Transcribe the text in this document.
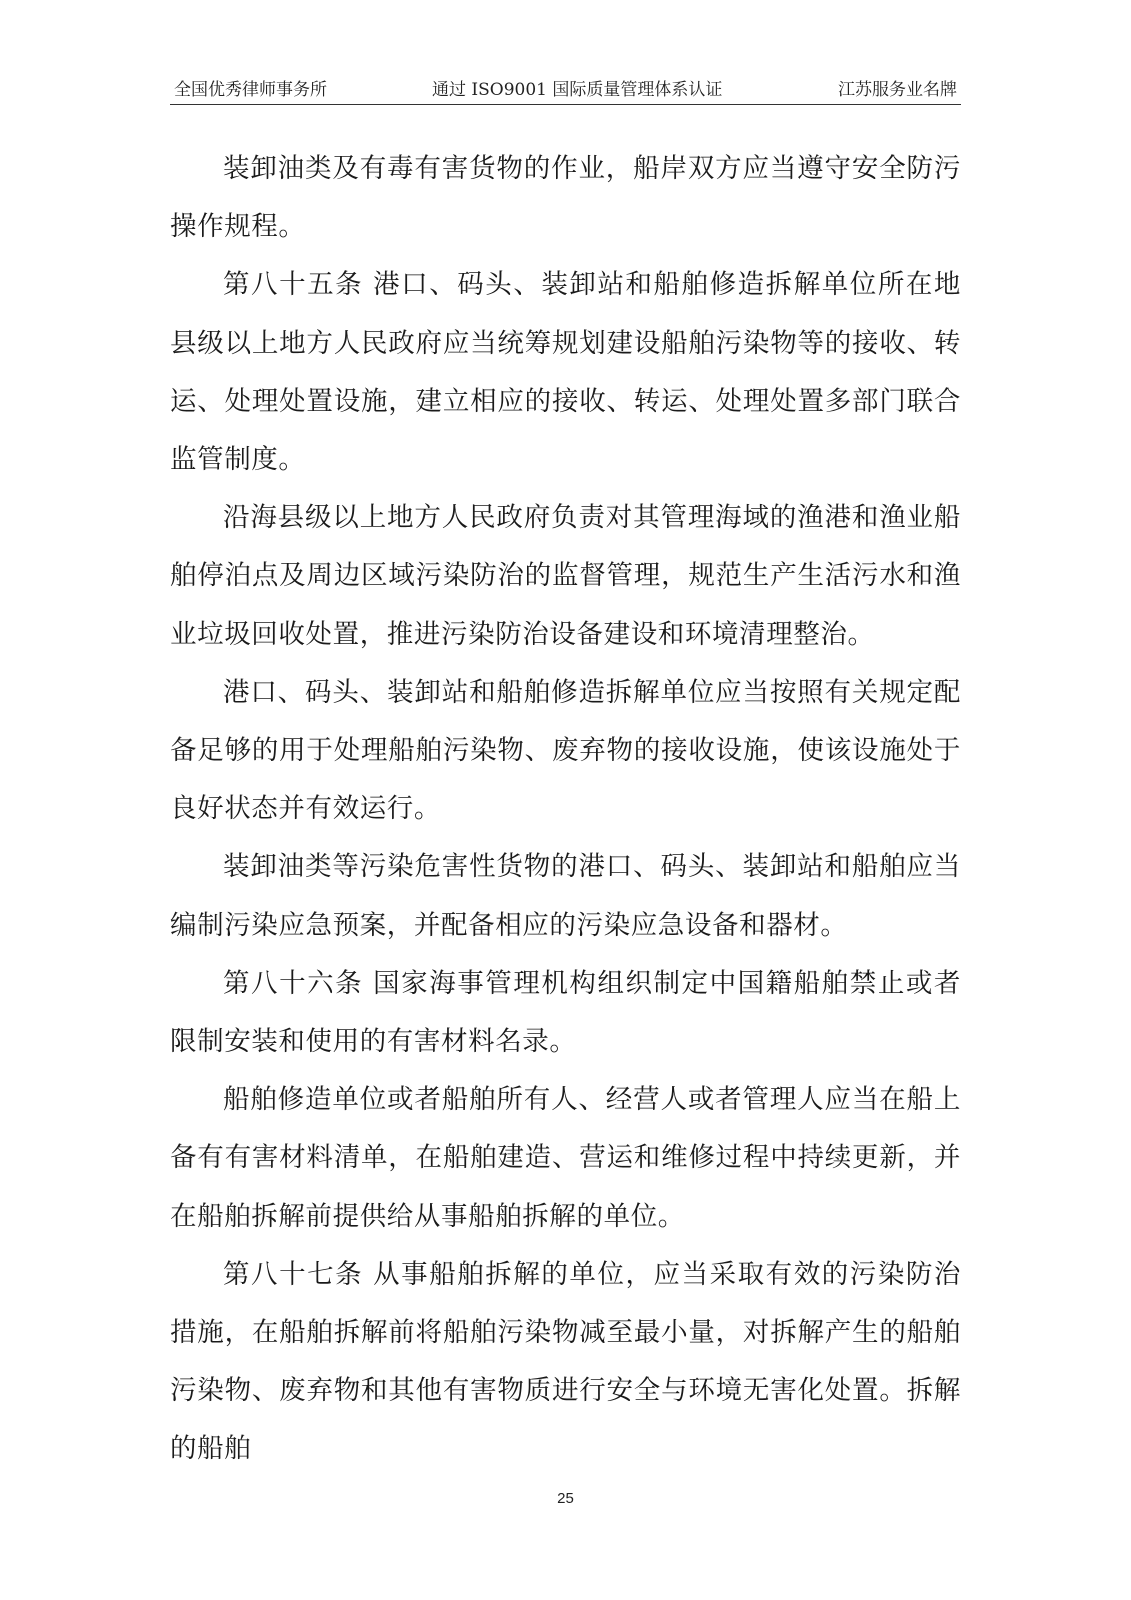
全国优秀律师事务所	通过 ISO9001 国际质量管理体系认证	江苏服务业名牌

装卸油类及有毒有害货物的作业，船岸双方应当遵守安全防污操作规程。

第八十五条 港口、码头、装卸站和船舶修造拆解单位所在地县级以上地方人民政府应当统筹规划建设船舶污染物等的接收、转运、处理处置设施，建立相应的接收、转运、处理处置多部门联合监管制度。

沿海县级以上地方人民政府负责对其管理海域的渔港和渔业船舶停泊点及周边区域污染防治的监督管理，规范生产生活污水和渔业垃圾回收处置，推进污染防治设备建设和环境清理整治。

港口、码头、装卸站和船舶修造拆解单位应当按照有关规定配备足够的用于处理船舶污染物、废弃物的接收设施，使该设施处于良好状态并有效运行。

装卸油类等污染危害性货物的港口、码头、装卸站和船舶应当编制污染应急预案，并配备相应的污染应急设备和器材。

第八十六条 国家海事管理机构组织制定中国籍船舶禁止或者限制安装和使用的有害材料名录。

船舶修造单位或者船舶所有人、经营人或者管理人应当在船上备有有害材料清单，在船舶建造、营运和维修过程中持续更新，并在船舶拆解前提供给从事船舶拆解的单位。

第八十七条 从事船舶拆解的单位，应当采取有效的污染防治措施，在船舶拆解前将船舶污染物减至最小量，对拆解产生的船舶污染物、废弃物和其他有害物质进行安全与环境无害化处置。拆解的船舶

25
